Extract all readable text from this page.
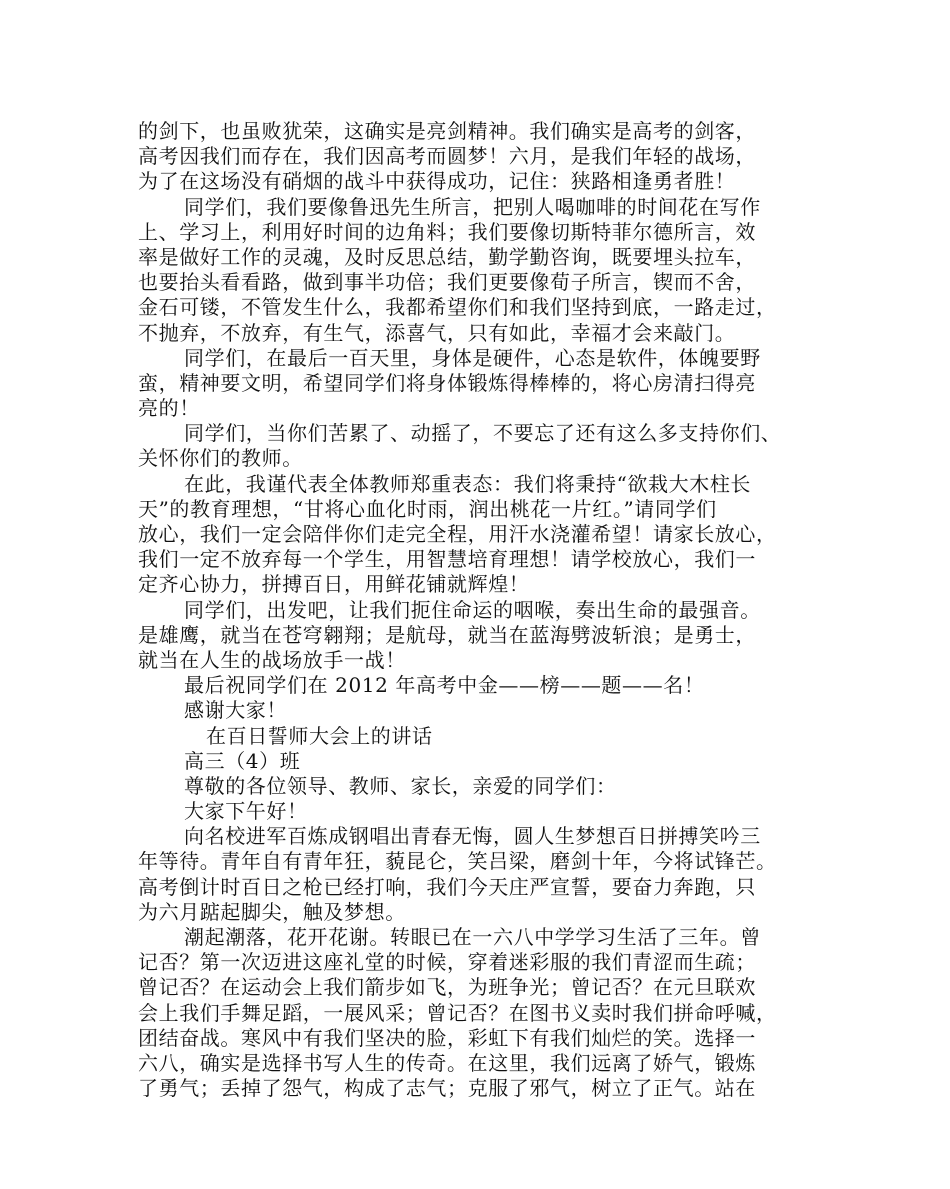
的剑下，也虽败犹荣，这确实是亮剑精神。我们确实是高考的剑客，
高考因我们而存在，我们因高考而圆梦！六月，是我们年轻的战场，
为了在这场没有硝烟的战斗中获得成功，记住：狭路相逢勇者胜！
同学们，我们要像鲁迅先生所言，把别人喝咖啡的时间花在写作
上、学习上，利用好时间的边角料；我们要像切斯特菲尔德所言，效
率是做好工作的灵魂，及时反思总结，勤学勤咨询，既要埋头拉车，
也要抬头看看路，做到事半功倍；我们更要像荀子所言，锲而不舍，
金石可镂，不管发生什么，我都希望你们和我们坚持到底，一路走过，
不抛弃，不放弃，有生气，添喜气，只有如此，幸福才会来敲门。
同学们，在最后一百天里，身体是硬件，心态是软件，体魄要野
蛮，精神要文明，希望同学们将身体锻炼得棒棒的，将心房清扫得亮
亮的！
同学们，当你们苦累了、动摇了，不要忘了还有这么多支持你们、
关怀你们的教师。
在此，我谨代表全体教师郑重表态：我们将秉持“欲栽大木柱长
天”的教育理想，“甘将心血化时雨，润出桃花一片红。”请同学们
放心，我们一定会陪伴你们走完全程，用汗水浇灌希望！请家长放心，
我们一定不放弃每一个学生，用智慧培育理想！请学校放心，我们一
定齐心协力，拼搏百日，用鲜花铺就辉煌！
同学们，出发吧，让我们扼住命运的咽喉，奏出生命的最强音。
是雄鹰，就当在苍穹翱翔；是航母，就当在蓝海劈波斩浪；是勇士，
就当在人生的战场放手一战！
最后祝同学们在 2012 年高考中金——榜——题——名！
感谢大家！
在百日誓师大会上的讲话
高三（4）班
尊敬的各位领导、教师、家长，亲爱的同学们：
大家下午好！
向名校进军百炼成钢唱出青春无悔，圆人生梦想百日拼搏笑吟三
年等待。青年自有青年狂，藐昆仑，笑吕梁，磨剑十年，今将试锋芒。
高考倒计时百日之枪已经打响，我们今天庄严宣誓，要奋力奔跑，只
为六月踮起脚尖，触及梦想。
潮起潮落，花开花谢。转眼已在一六八中学学习生活了三年。曾
记否？第一次迈进这座礼堂的时候，穿着迷彩服的我们青涩而生疏；
曾记否？在运动会上我们箭步如飞，为班争光；曾记否？在元旦联欢
会上我们手舞足蹈，一展风采；曾记否？在图书义卖时我们拼命呼喊，
团结奋战。寒风中有我们坚决的脸，彩虹下有我们灿烂的笑。选择一
六八，确实是选择书写人生的传奇。在这里，我们远离了娇气，锻炼
了勇气；丢掉了怨气，构成了志气；克服了邪气，树立了正气。站在
